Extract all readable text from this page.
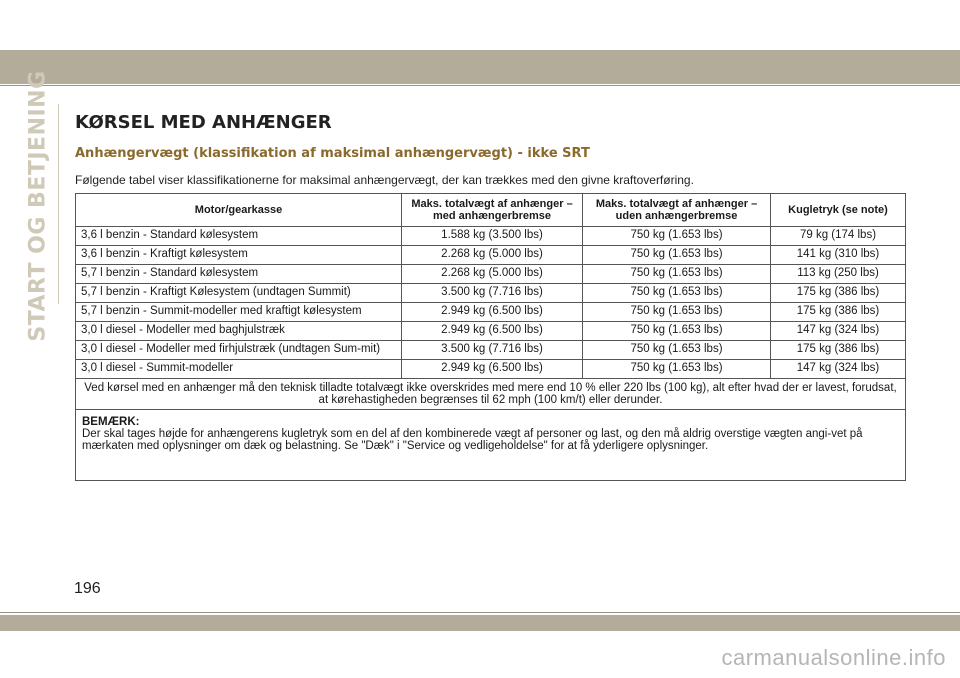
START OG BETJENING KØRSEL MED ANHÆNGER
Anhængervægt (klassifikation af maksimal anhængervægt) - ikke SRT
Følgende tabel viser klassifikationerne for maksimal anhængervægt, der kan trækkes med den givne kraftoverføring.
Motor/gearkasse	Maks. totalvægt af anhænger – med anhængerbremse	Maks. totalvægt af anhænger – uden anhængerbremse	Kugletryk (se note)
3,6 l benzin - Standard kølesystem	1.588 kg (3.500 lbs)	750 kg (1.653 lbs)	79 kg (174 lbs)
3,6 l benzin - Kraftigt kølesystem	2.268 kg (5.000 lbs)	750 kg (1.653 lbs)	141 kg (310 lbs)
5,7 l benzin - Standard kølesystem	2.268 kg (5.000 lbs)	750 kg (1.653 lbs)	113 kg (250 lbs)
5,7 l benzin - Kraftigt Kølesystem (undtagen Summit)	3.500 kg (7.716 lbs)	750 kg (1.653 lbs)	175 kg (386 lbs)
5,7 l benzin - Summit-modeller med kraftigt kølesystem	2.949 kg (6.500 lbs)	750 kg (1.653 lbs)	175 kg (386 lbs)
3,0 l diesel - Modeller med baghjulstræk	2.949 kg (6.500 lbs)	750 kg (1.653 lbs)	147 kg (324 lbs)
3,0 l diesel - Modeller med firhjulstræk (undtagen Sum-mit)	3.500 kg (7.716 lbs)	750 kg (1.653 lbs)	175 kg (386 lbs)
3,0 l diesel - Summit-modeller	2.949 kg (6.500 lbs)	750 kg (1.653 lbs)	147 kg (324 lbs)
Ved kørsel med en anhænger må den teknisk tilladte totalvægt ikke overskrides med mere end 10 % eller 220 lbs (100 kg), alt efter hvad der er lavest, forudsat, at kørehastigheden begrænses til 62 mph (100 km/t) eller derunder.			

BEMÆRK:
Der skal tages højde for anhængerens kugletryk som en del af den kombinerede vægt af personer og last, og den må aldrig overstige vægten angi-vet på mærkaten med oplysninger om dæk og belastning. Se "Dæk" i "Service og vedligeholdelse" for at få yderligere oplysninger.			
196
carmanualsonline.info
